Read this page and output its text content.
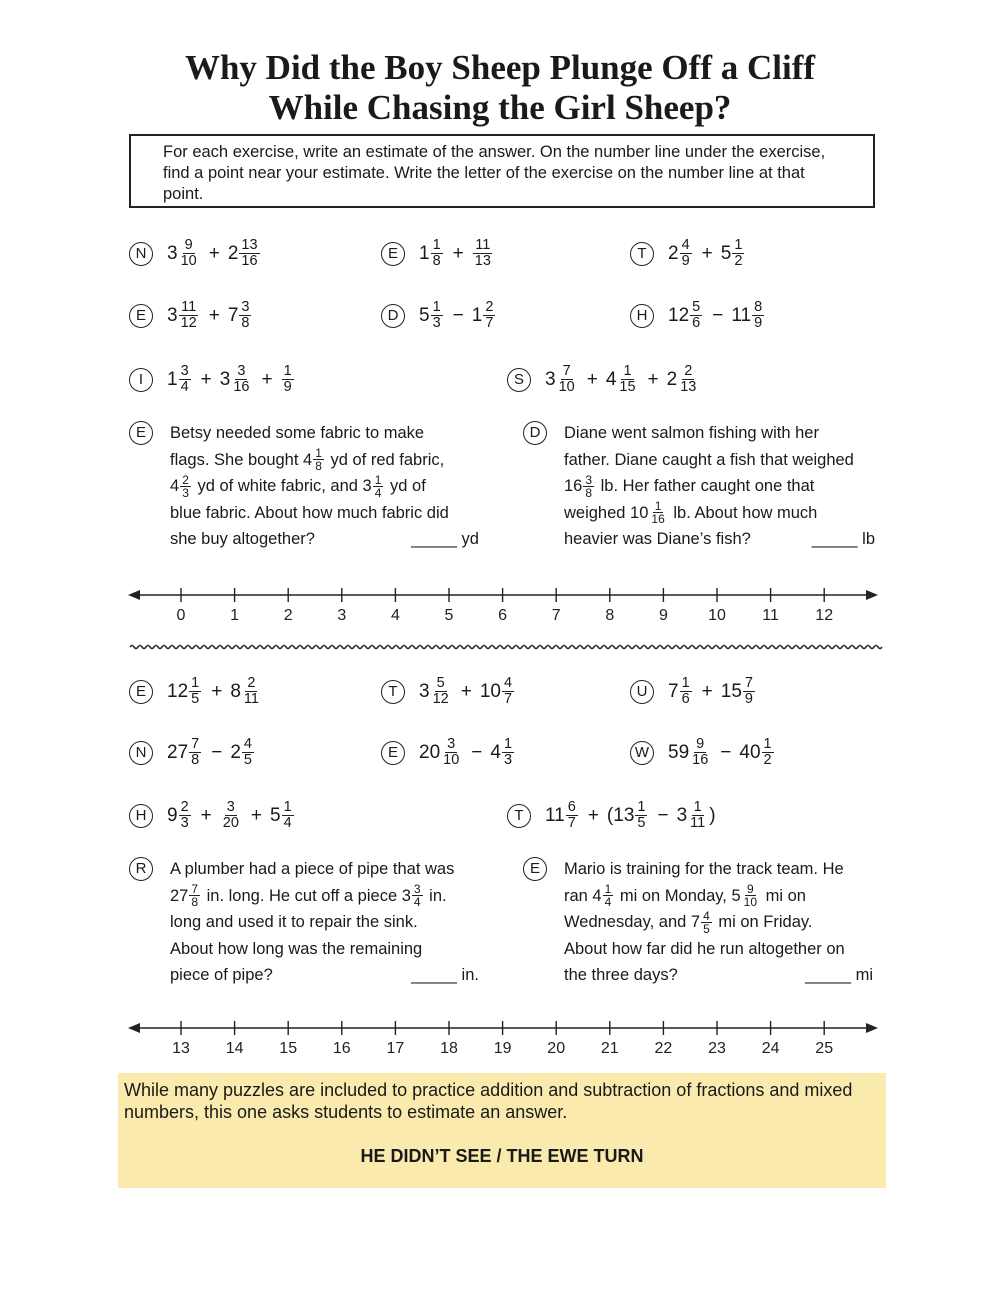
Why Did the Boy Sheep Plunge Off a Cliff
While Chasing the Girl Sheep?
For each exercise, write an estimate of the answer. On the number line under the exercise, find a point near your estimate. Write the letter of the exercise on the number line at that point.
N	$3 \frac{9}{10} + 2 \frac{13}{16}$	E	$1 \frac{1}{8} + \frac{11}{13}$	T	$2 \frac{4}{9} + 5 \frac{1}{2}$
E	$3 \frac{11}{12} + 7 \frac{3}{8}$	D	$5 \frac{1}{3} - 1 \frac{2}{7}$	H	$12 \frac{5}{6} - 11 \frac{8}{9}$
I	$1 \frac{3}{4} + 3 \frac{3}{16} + \frac{1}{9}$	S	$3 \frac{7}{10} + 4 \frac{1}{15} + 2 \frac{2}{13}$
E	Betsy needed some fabric to make
flags. She bought $4 \frac{1}{8}$ yd of red fabric,
$4 \frac{2}{3}$ yd of white fabric, and $3 \frac{1}{4}$ yd of
blue fabric. About how much fabric did
she buy altogether?	_____ yd
D	Diane went salmon fishing with her
father. Diane caught a fish that weighed
$16 \frac{3}{8}$ lb. Her father caught one that
weighed $10 \frac{1}{16}$ lb. About how much
heavier was Diane’s fish?	_____ lb
0	1	2	3	4	5	6	7	8	9	10 11 12
13 14 15 16 17 18 19 20 21 22 23 24 25
E	$12 \frac{1}{5} + 8 \frac{2}{11}$	T	$3 \frac{5}{12} + 10 \frac{4}{7}$	U	$7 \frac{1}{6} + 15 \frac{7}{9}$
N	$27 \frac{7}{8} - 2 \frac{4}{5}$	E	$20 \frac{3}{10} - 4 \frac{1}{3}$	W $59 \frac{9}{16} - 40 \frac{1}{2}$
H	$9 \frac{2}{3} + \frac{3}{20} + 5 \frac{1}{4}$	T	$11 \frac{6}{7} + (13 \frac{1}{5} - 3 \frac{1}{11}$ )
R	A plumber had a piece of pipe that was
$27 \frac{7}{8}$ in. long. He cut off a piece $3 \frac{3}{4}$ in.
long and used it to repair the sink.
About how long was the remaining
piece of pipe?	_____ in.
E	Mario is training for the track team. He
ran $4 \frac{1}{4}$ mi on Monday, $5 \frac{9}{10}$ mi on
Wednesday, and $7 \frac{4}{5}$ mi on Friday.
About how far did he run altogether on
the three days?	_____ mi
While many puzzles are included to practice addition and subtraction of fractions and mixed numbers, this one asks students to estimate an answer.
HE DIDN’T SEE / THE EWE TURN
